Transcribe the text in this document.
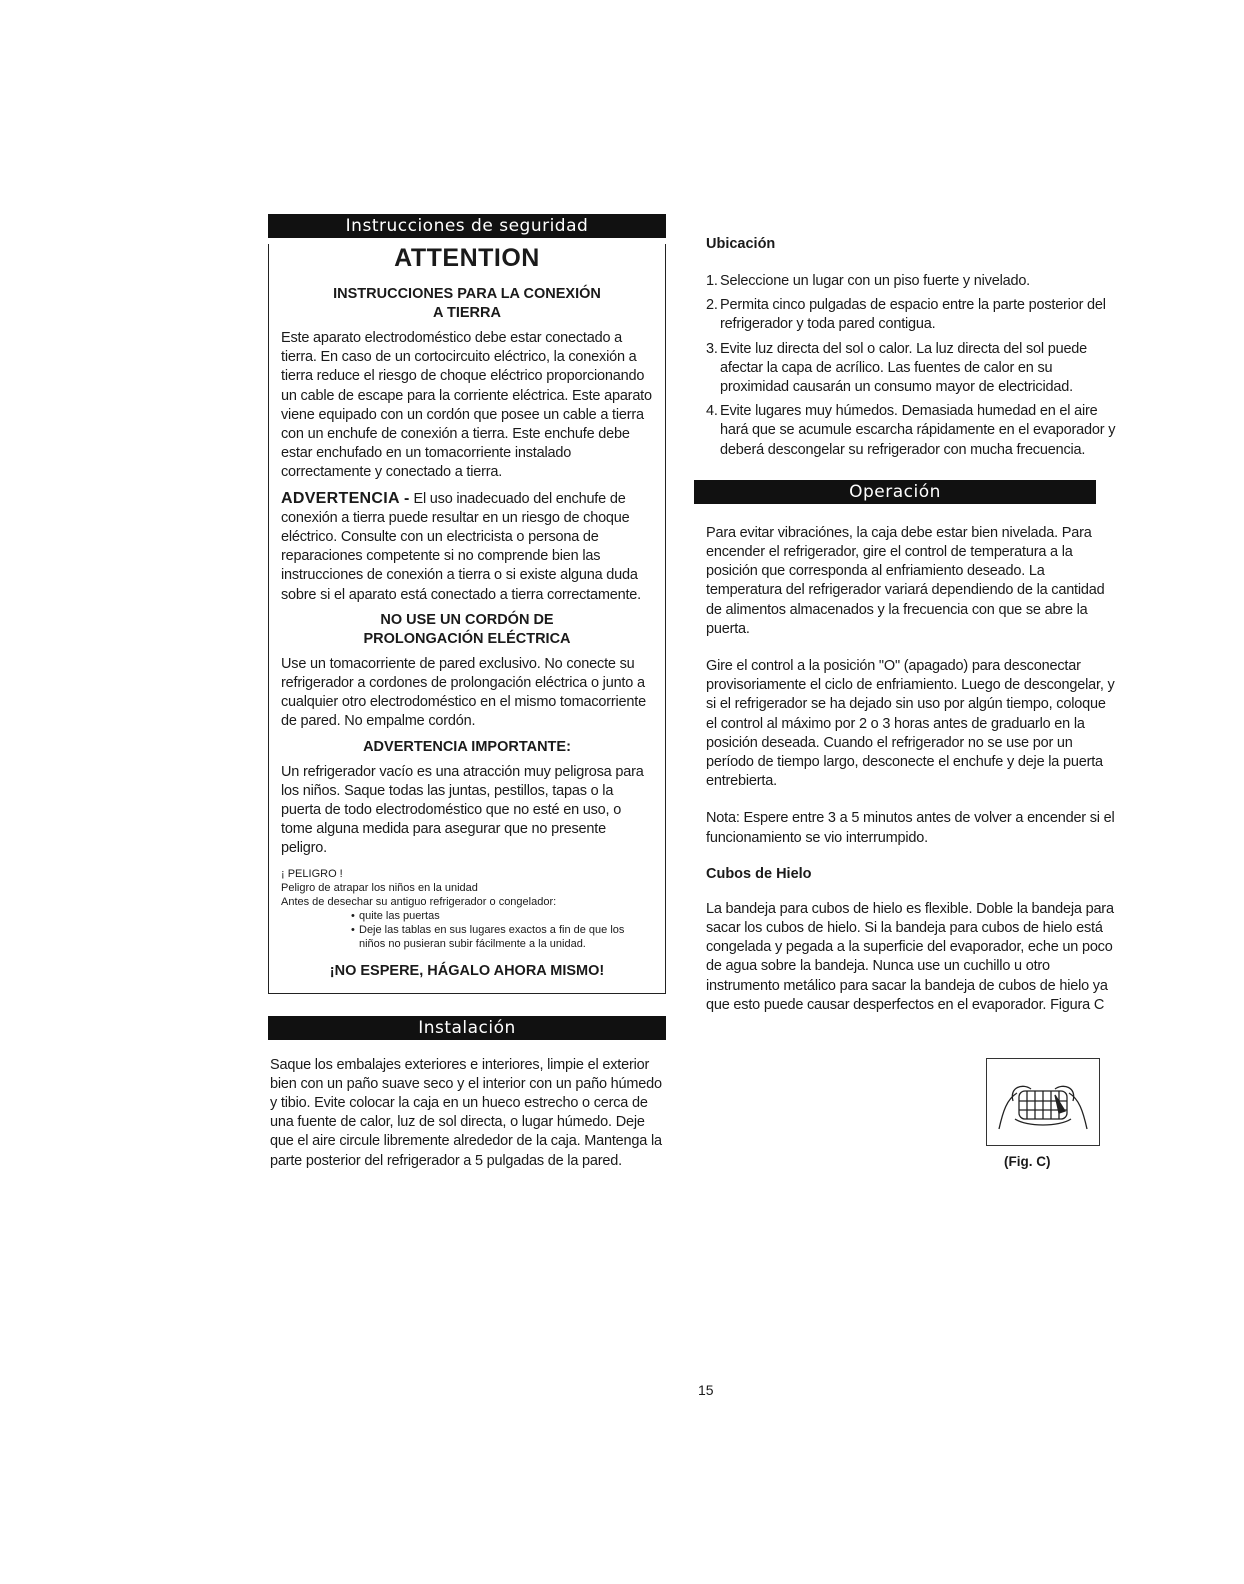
Instrucciones de seguridad
ATTENTION
INSTRUCCIONES PARA LA CONEXIÓN
A TIERRA

Este aparato electrodoméstico debe estar conectado a tierra. En caso de un cortocircuito eléctrico, la conexión a tierra reduce el riesgo de choque eléctrico proporcionando un cable de escape para la corriente eléctrica. Este aparato viene equipado con un cordón que posee un cable a tierra con un enchufe de conexión a tierra. Este enchufe debe estar enchufado en un tomacorriente instalado correctamente y conectado a tierra.

ADVERTENCIA - El uso inadecuado del enchufe de conexión a tierra puede resultar en un riesgo de choque eléctrico. Consulte con un electricista o persona de reparaciones competente si no comprende bien las instrucciones de conexión a tierra o si existe alguna duda sobre si el aparato está conectado a tierra correctamente.

NO USE UN CORDÓN DE
PROLONGACIÓN ELÉCTRICA

Use un tomacorriente de pared exclusivo. No conecte su refrigerador a cordones de prolongación eléctrica o junto a cualquier otro electrodoméstico en el mismo tomacorriente de pared. No empalme cordón.

ADVERTENCIA IMPORTANTE:

Un refrigerador vacío es una atracción muy peligrosa para los niños. Saque todas las juntas, pestillos, tapas o la puerta de todo electrodoméstico que no esté en uso, o tome alguna medida para asegurar que no presente peligro.

¡ PELIGRO !

Peligro de atrapar los niños en la unidad

Antes de desechar su antiguo refrigerador o congelador:

• quite las puertas
• Deje las tablas en sus lugares exactos a fin de que los niños no pusieran subir fácilmente a la unidad.
¡NO ESPERE, HÁGALO AHORA MISMO!
Instalación

Saque los embalajes exteriores e interiores, limpie el exterior bien con un paño suave seco y el interior con un paño húmedo y tibio. Evite colocar la caja en un hueco estrecho o cerca de una fuente de calor, luz de sol directa, o lugar húmedo. Deje que el aire circule libremente alrededor de la caja. Mantenga la parte posterior del refrigerador a 5 pulgadas de la pared.

Ubicación
1. Seleccione un lugar con un piso fuerte y nivelado.
2. Permita cinco pulgadas de espacio entre la parte posterior del refrigerador y toda pared contigua.
3. Evite luz directa del sol o calor. La luz directa del sol puede afectar la capa de acrílico. Las fuentes de calor en su proximidad causarán un consumo mayor de electricidad.
4. Evite lugares muy húmedos. Demasiada humedad en el aire hará que se acumule escarcha rápidamente en el evaporador y deberá descongelar su refrigerador con mucha frecuencia.
Operación

Para evitar vibraciónes, la caja debe estar bien nivelada. Para encender el refrigerador, gire el control de temperatura a la posición que corresponda al enfriamiento deseado. La temperatura del refrigerador variará dependiendo de la cantidad de alimentos almacenados y la frecuencia con que se abre la puerta.

Gire el control a la posición "O" (apagado) para desconectar provisoriamente el ciclo de enfriamiento. Luego de descongelar, y si el refrigerador se ha dejado sin uso por algún tiempo, coloque el control al máximo por 2 o 3 horas antes de graduarlo en la posición deseada. Cuando el refrigerador no se use por un período de tiempo largo, desconecte el enchufe y deje la puerta entrebierta.

Nota: Espere entre 3 a 5 minutos antes de volver a encender si el funcionamiento se vio interrumpido.

Cubos de Hielo

La bandeja para cubos de hielo es flexible. Doble la bandeja para sacar los cubos de hielo. Si la bandeja para cubos de hielo está congelada y pegada a la superficie del evaporador, eche un poco de agua sobre la bandeja. Nunca use un cuchillo u otro instrumento metálico para sacar la bandeja de cubos de hielo ya que esto puede causar desperfectos en el evaporador. Figura C

(Fig. C)
15
